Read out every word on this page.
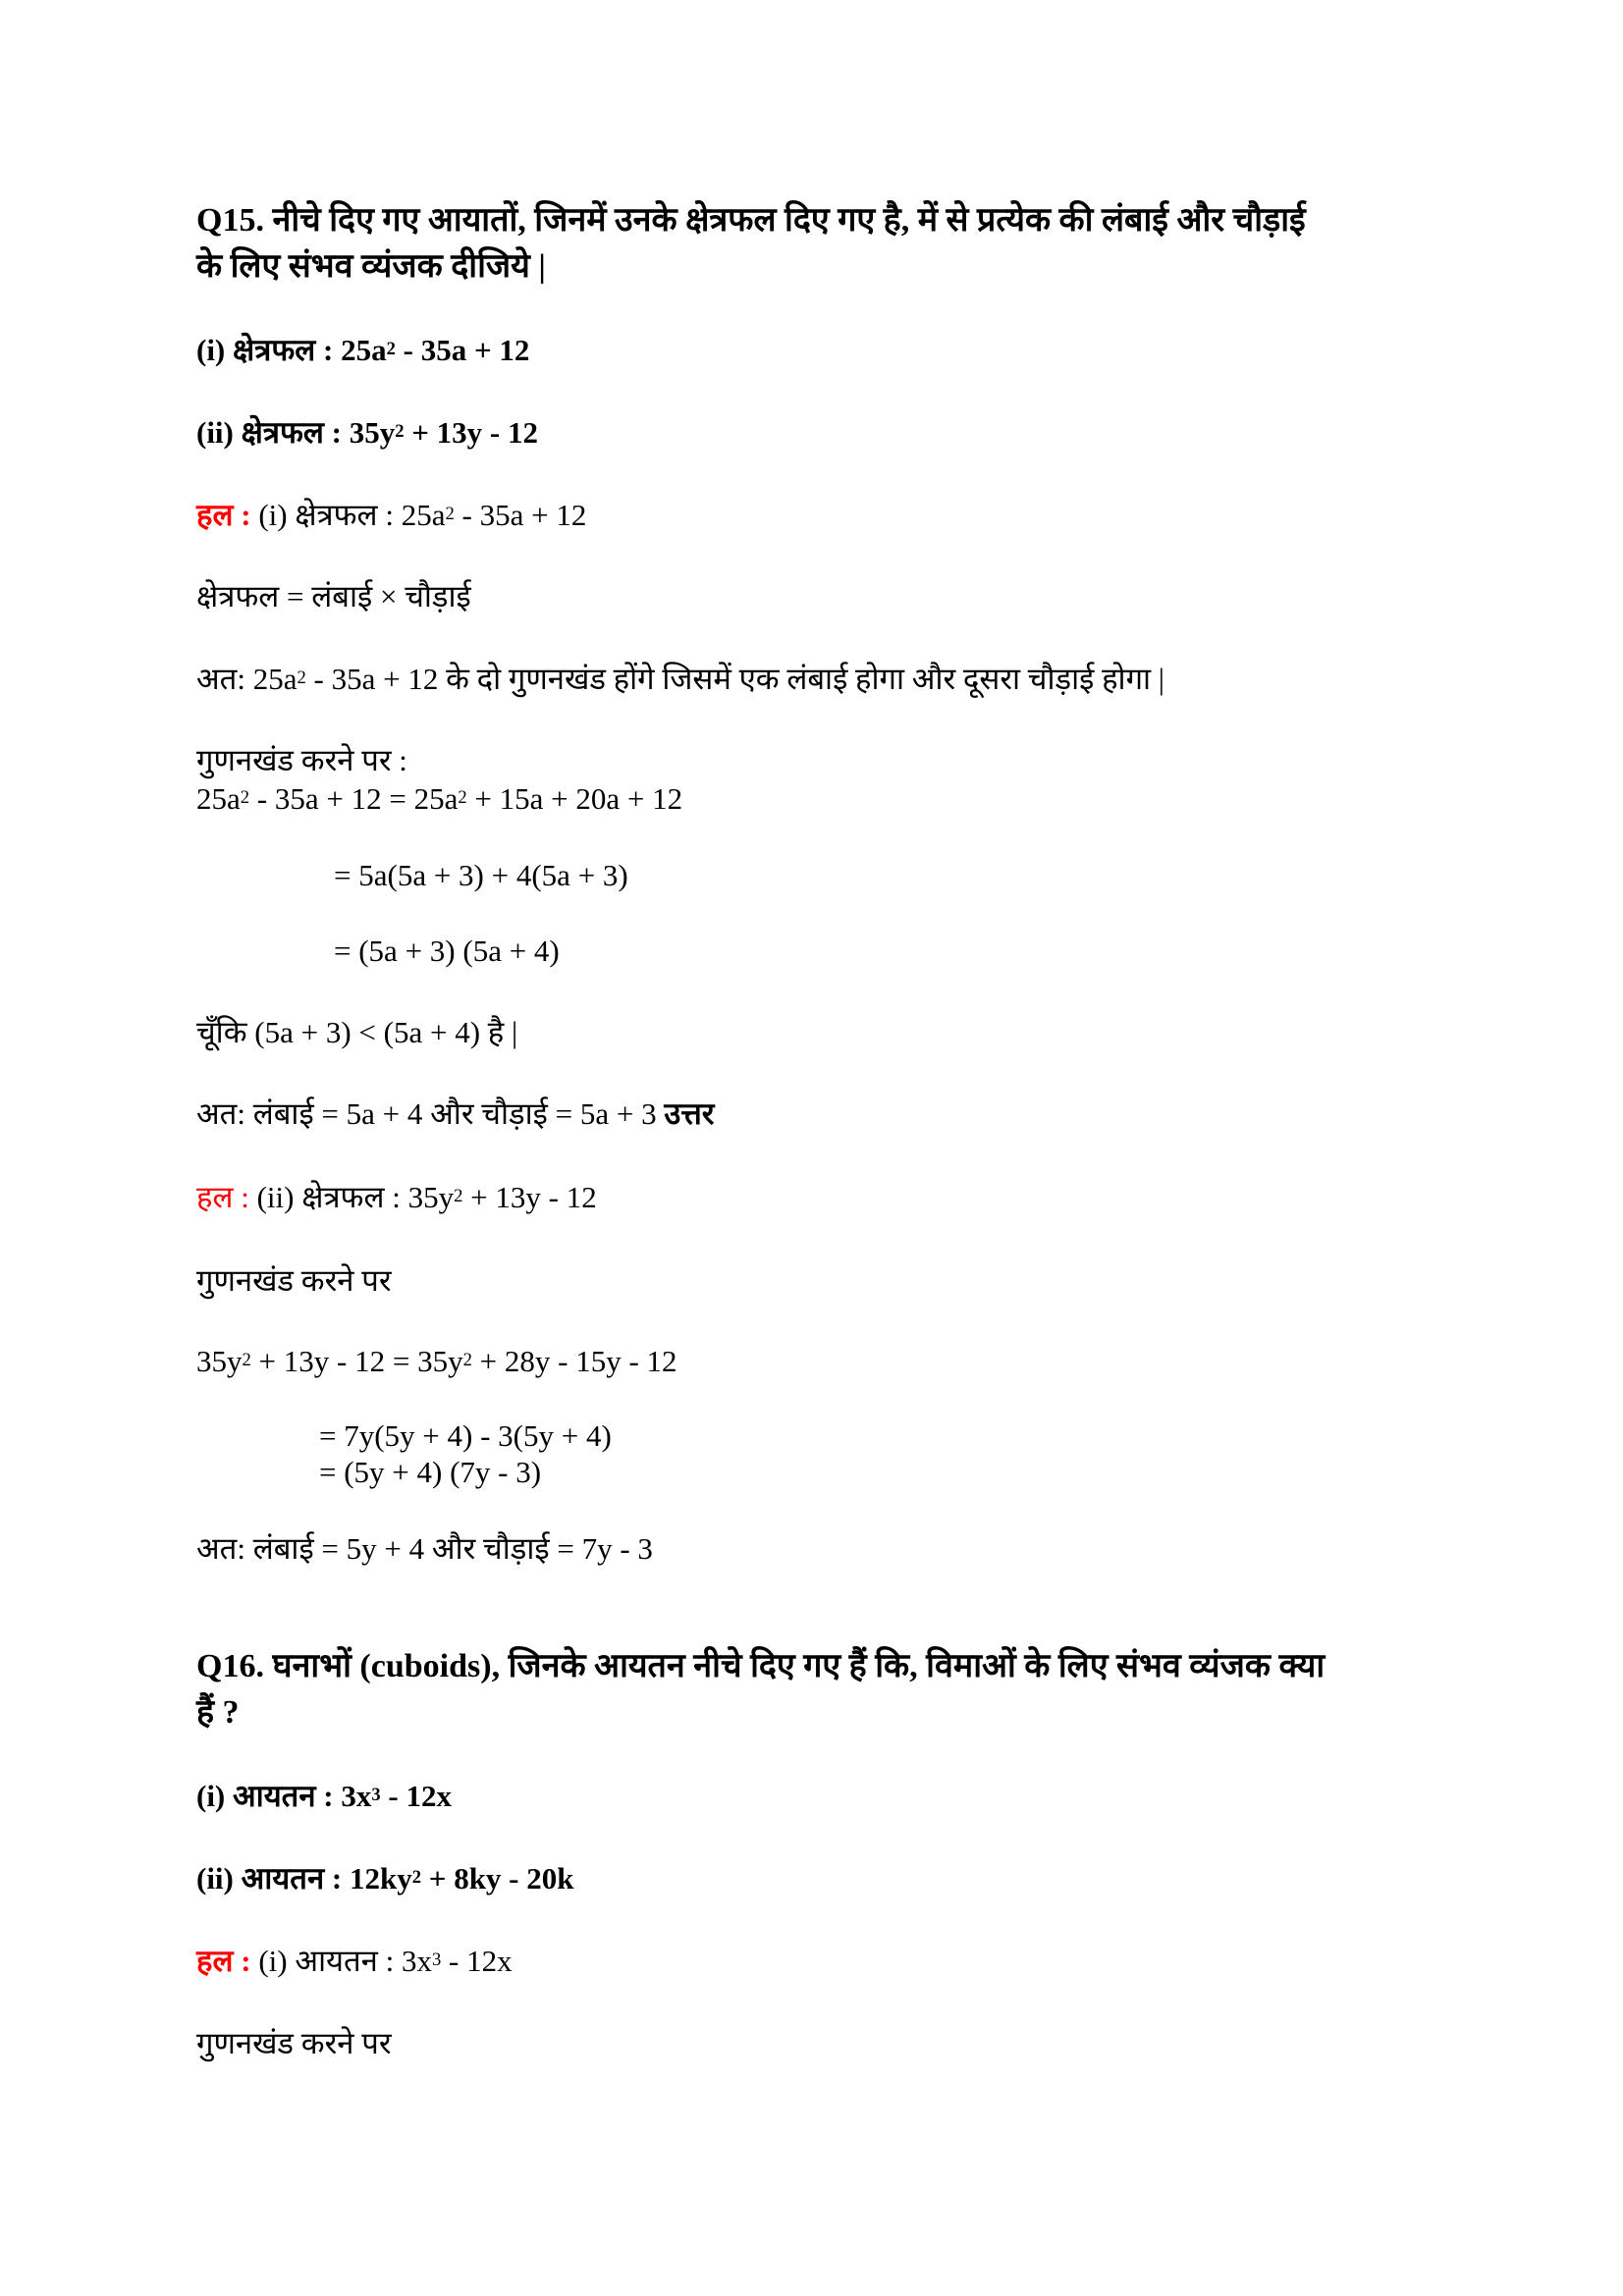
Q15. नीचे दिए गए आयातों, जिनमें उनके क्षेत्रफल दिए गए है, में से प्रत्येक की लंबाई और चौड़ाई

के लिए संभव व्यंजक दीजिये |

(i) क्षेत्रफल : $25a^2 - 35a + 12$

(ii) क्षेत्रफल : $35y^2 + 13y - 12$

हल : (i) क्षेत्रफल : $25a^2 - 35a + 12$

क्षेत्रफल = लंबाई × चौड़ाई

अत: $25a^2 - 35a + 12$ के दो गुणनखंड होंगे जिसमें एक लंबाई होगा और दूसरा चौड़ाई होगा |

गुणनखंड करने पर :

$25a^2 - 35a + 12 = 25a^2 + 15a + 20a + 12$

= 5a(5a + 3) + 4(5a + 3)

= (5a + 3) (5a + 4)

चूँकि (5a + 3) < (5a + 4) है |

अत: लंबाई = 5a + 4 और चौड़ाई = 5a + 3 उत्तर

हल : (ii) क्षेत्रफल : $35y^2 + 13y - 12$

गुणनखंड करने पर

$35y^2 + 13y - 12 = 35y^2 + 28y - 15y - 12$

= 7y(5y + 4) - 3(5y + 4)

= (5y + 4) (7y - 3)

अत: लंबाई = 5y + 4 और चौड़ाई = 7y - 3

Q16. घनाभों (cuboids), जिनके आयतन नीचे दिए गए हैं कि, विमाओं के लिए संभव व्यंजक क्या

हैं ?

(i) आयतन : $3x^3 - 12x$

(ii) आयतन : $12ky^2 + 8ky - 20k$

हल : (i) आयतन : $3x^3 - 12x$

गुणनखंड करने पर
